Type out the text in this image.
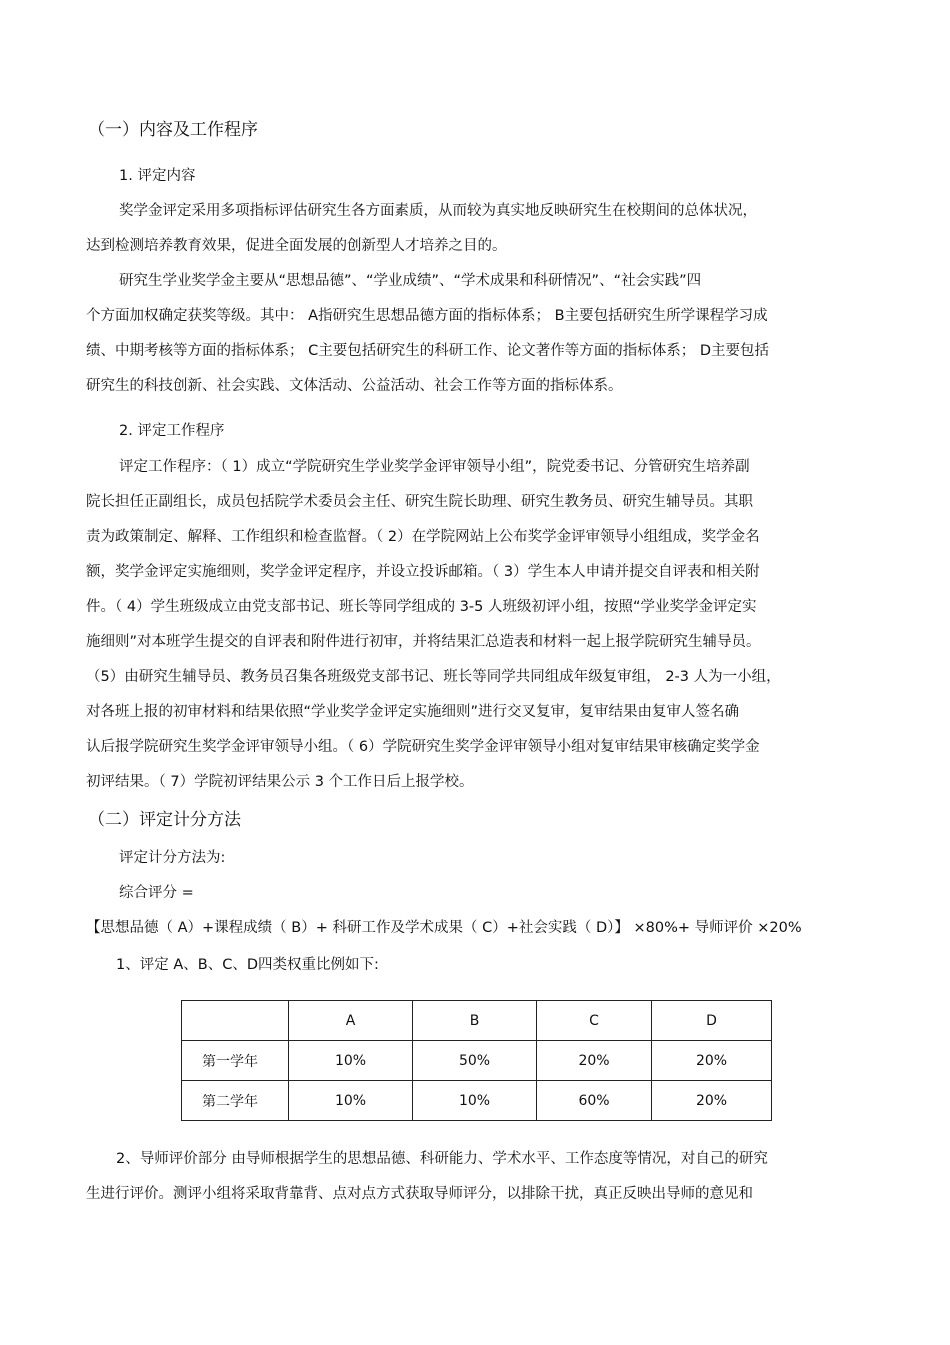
（一）内容及工作程序
1. 评定内容
奖学金评定采用多项指标评估研究生各方面素质，从而较为真实地反映研究生在校期间的总体状况，
达到检测培养教育效果，促进全面发展的创新型人才培养之目的。
研究生学业奖学金主要从“思想品德”、“学业成绩”、“学术成果和科研情况”、“社会实践”四
个方面加权确定获奖等级。其中： A指研究生思想品德方面的指标体系； B主要包括研究生所学课程学习成
绩、中期考核等方面的指标体系； C主要包括研究生的科研工作、论文著作等方面的指标体系； D主要包括
研究生的科技创新、社会实践、文体活动、公益活动、社会工作等方面的指标体系。
2. 评定工作程序
评定工作程序：（ 1）成立“学院研究生学业奖学金评审领导小组”，院党委书记、分管研究生培养副
院长担任正副组长，成员包括院学术委员会主任、研究生院长助理、研究生教务员、研究生辅导员。其职
责为政策制定、解释、工作组织和检查监督。（ 2）在学院网站上公布奖学金评审领导小组组成，奖学金名
额，奖学金评定实施细则，奖学金评定程序，并设立投诉邮箱。（ 3）学生本人申请并提交自评表和相关附
件。（ 4）学生班级成立由党支部书记、班长等同学组成的 3-5 人班级初评小组，按照“学业奖学金评定实
施细则”对本班学生提交的自评表和附件进行初审，并将结果汇总造表和材料一起上报学院研究生辅导员。
（5）由研究生辅导员、教务员召集各班级党支部书记、班长等同学共同组成年级复审组， 2-3 人为一小组，
对各班上报的初审材料和结果依照“学业奖学金评定实施细则”进行交叉复审，复审结果由复审人签名确
认后报学院研究生奖学金评审领导小组。（ 6）学院研究生奖学金评审领导小组对复审结果审核确定奖学金
初评结果。（ 7）学院初评结果公示 3 个工作日后上报学校。
（二）评定计分方法
评定计分方法为:
综合评分 =
【思想品德（ A）+课程成绩（ B）+ 科研工作及学术成果（ C）+社会实践（ D）】 ×80%+ 导师评价 ×20%
1、评定 A、B、C、D四类权重比例如下:
	A	B	C	D
第一学年	10%	50%	20%	20%
第二学年	10%	10%	60%	20%
2、导师评价部分 由导师根据学生的思想品德、科研能力、学术水平、工作态度等情况，对自己的研究
生进行评价。测评小组将采取背靠背、点对点方式获取导师评分，以排除干扰，真正反映出导师的意见和
